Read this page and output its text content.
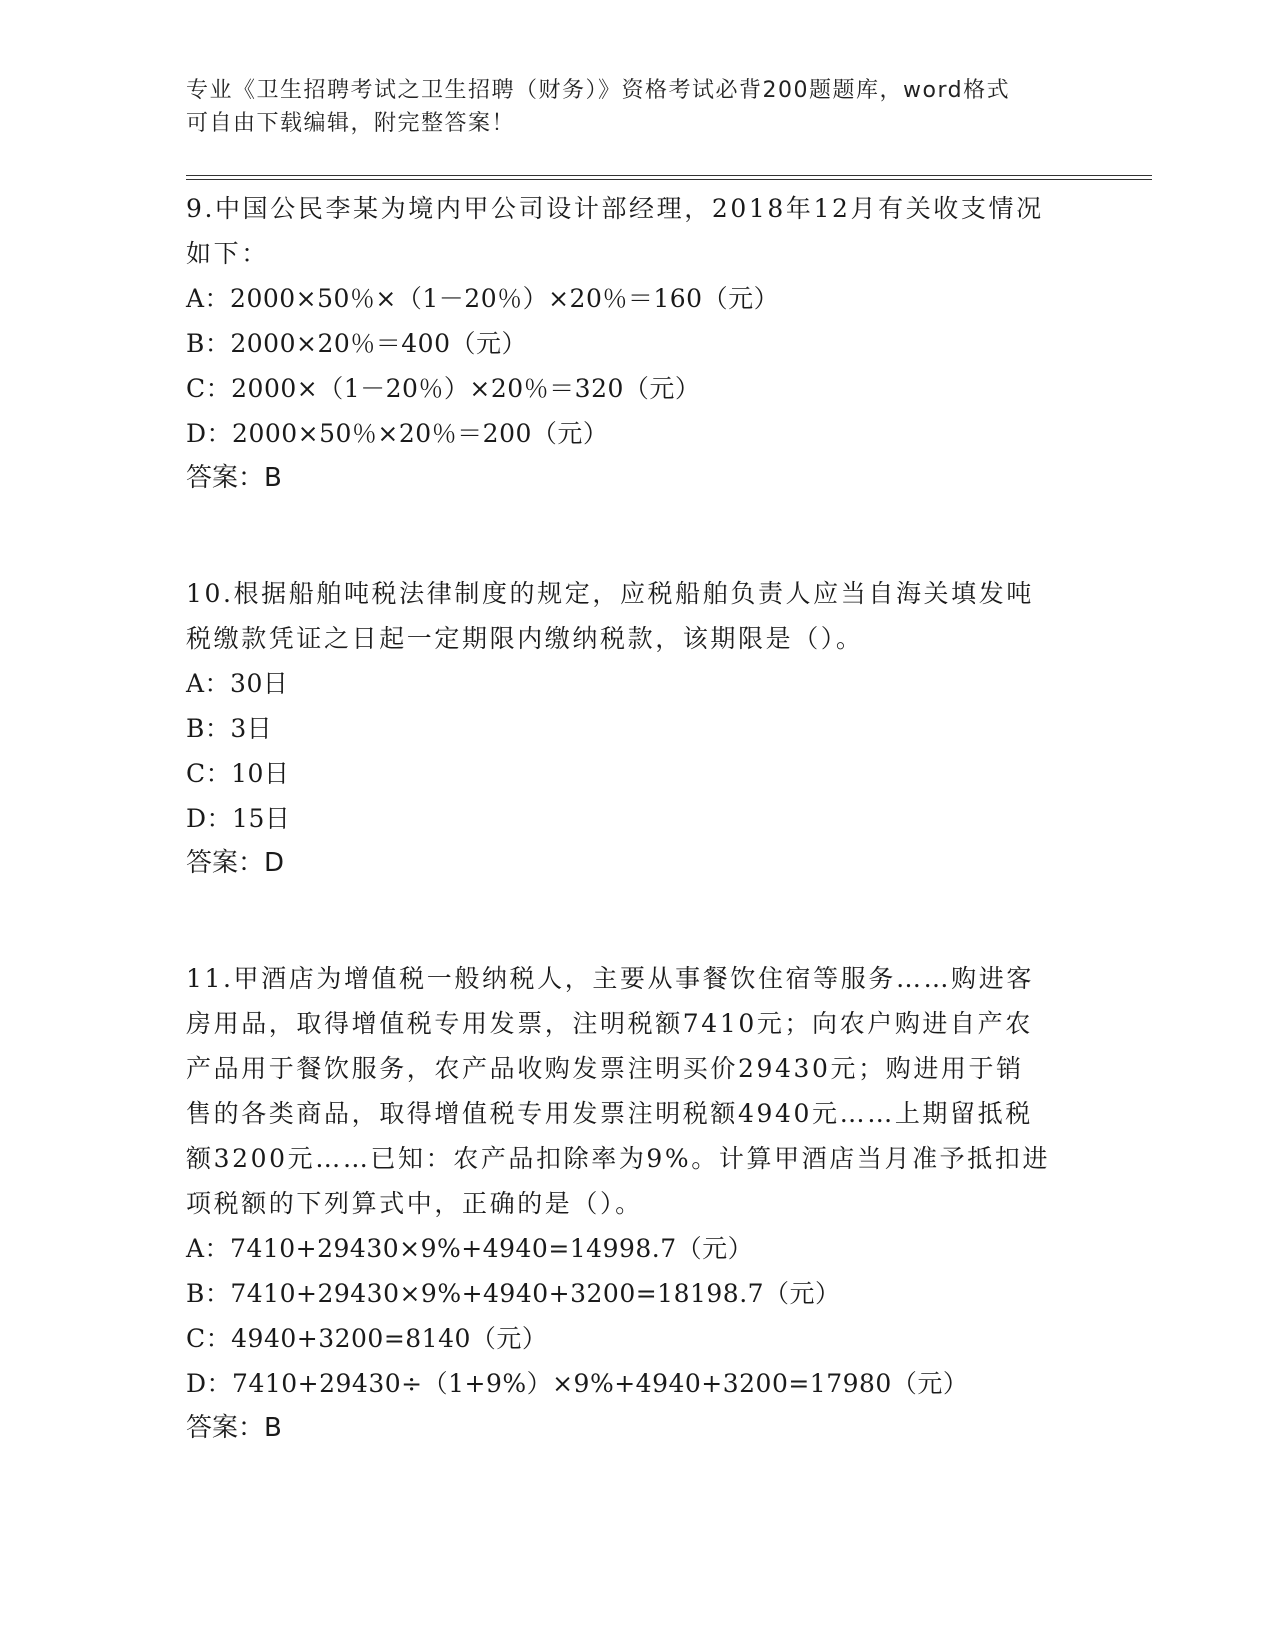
专业《卫生招聘考试之卫生招聘（财务）》资格考试必背200题题库，word格式

可自由下载编辑，附完整答案！

9.中国公民李某为境内甲公司设计部经理，2018年12月有关收支情况

如下：

A：2000×50％×（1－20％）×20％＝160（元）

B：2000×20％＝400（元）

C：2000×（1－20％）×20％＝320（元）

D：2000×50％×20％＝200（元）

答案：B

10.根据船舶吨税法律制度的规定，应税船舶负责人应当自海关填发吨

税缴款凭证之日起一定期限内缴纳税款，该期限是（）。

A：30日

B：3日

C：10日

D：15日

答案：D

11.甲酒店为增值税一般纳税人，主要从事餐饮住宿等服务……购进客

房用品，取得增值税专用发票，注明税额7410元；向农户购进自产农

产品用于餐饮服务，农产品收购发票注明买价29430元；购进用于销

售的各类商品，取得增值税专用发票注明税额4940元……上期留抵税

额3200元……已知：农产品扣除率为9%。计算甲酒店当月准予抵扣进

项税额的下列算式中，正确的是（）。

A：7410+29430×9%+4940=14998.7（元）

B：7410+29430×9%+4940+3200=18198.7（元）

C：4940+3200=8140（元）

D：7410+29430÷（1+9%）×9%+4940+3200=17980（元）

答案：B
